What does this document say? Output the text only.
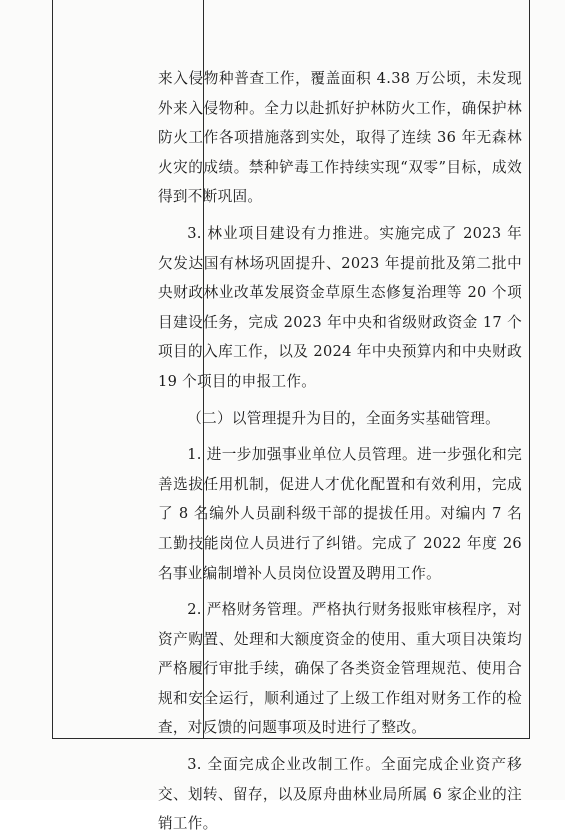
来入侵物种普查工作，覆盖面积 4.38 万公顷，未发现外来入侵物种。全力以赴抓好护林防火工作，确保护林防火工作各项措施落到实处，取得了连续 36 年无森林火灾的成绩。禁种铲毒工作持续实现“双零”目标，成效得到不断巩固。

3. 林业项目建设有力推进。实施完成了 2023 年欠发达国有林场巩固提升、2023 年提前批及第二批中央财政林业改革发展资金草原生态修复治理等 20 个项目建设任务，完成 2023 年中央和省级财政资金 17 个项目的入库工作，以及 2024 年中央预算内和中央财政 19 个项目的申报工作。

（二）以管理提升为目的，全面务实基础管理。

1. 进一步加强事业单位人员管理。进一步强化和完善选拔任用机制，促进人才优化配置和有效利用，完成了 8 名编外人员副科级干部的提拔任用。对编内 7 名工勤技能岗位人员进行了纠错。完成了 2022 年度 26 名事业编制增补人员岗位设置及聘用工作。

2. 严格财务管理。严格执行财务报账审核程序，对资产购置、处理和大额度资金的使用、重大项目决策均严格履行审批手续，确保了各类资金管理规范、使用合规和安全运行，顺利通过了上级工作组对财务工作的检查，对反馈的问题事项及时进行了整改。

3. 全面完成企业改制工作。全面完成企业资产移交、划转、留存，以及原舟曲林业局所属 6 家企业的注销工作。
